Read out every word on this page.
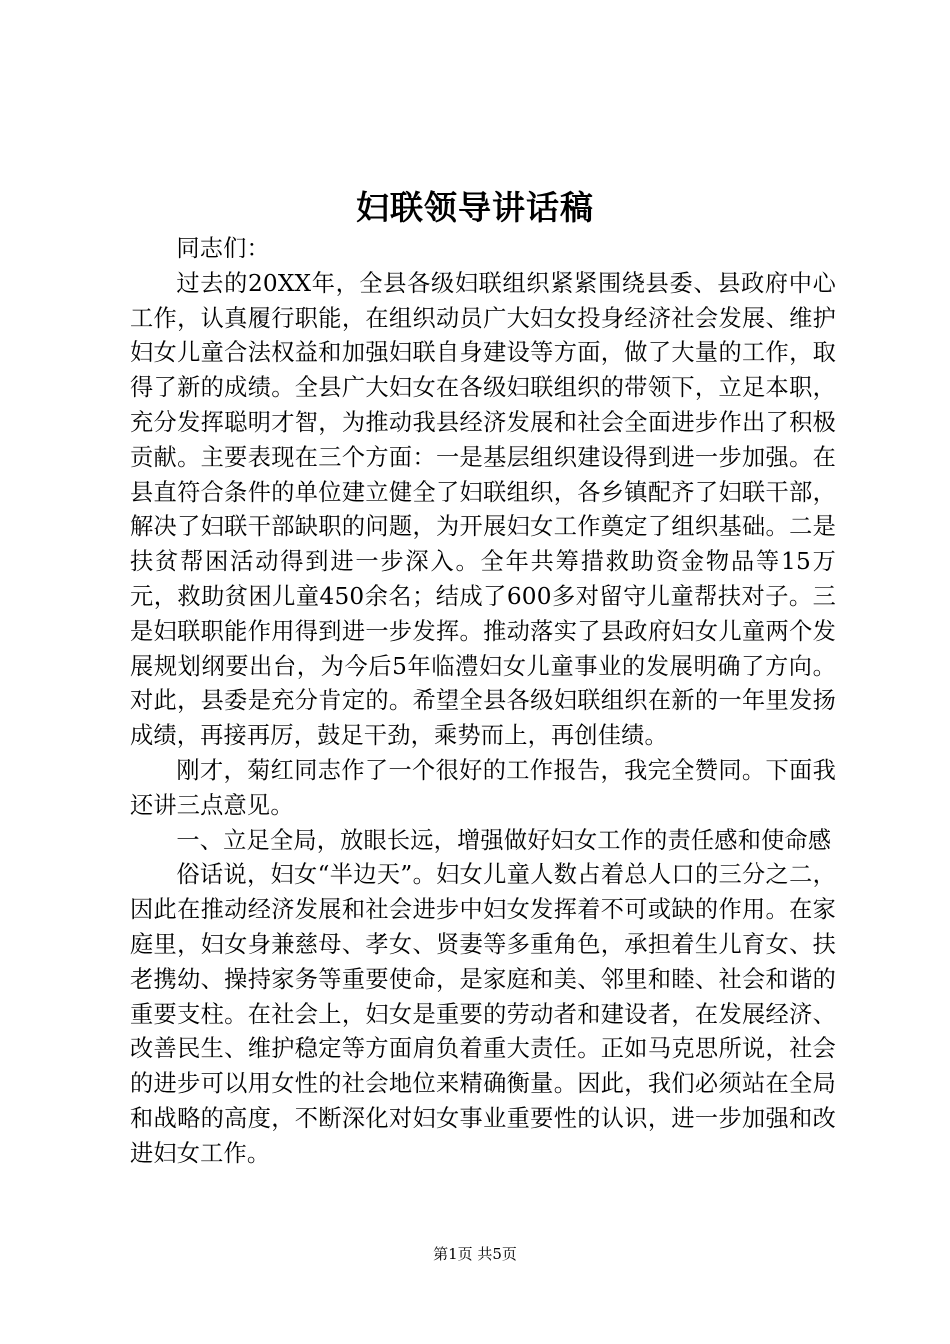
妇联领导讲话稿

同志们：

过去的20XX年，全县各级妇联组织紧紧围绕县委、县政府中心工作，认真履行职能，在组织动员广大妇女投身经济社会发展、维护妇女儿童合法权益和加强妇联自身建设等方面，做了大量的工作，取得了新的成绩。全县广大妇女在各级妇联组织的带领下，立足本职，充分发挥聪明才智，为推动我县经济发展和社会全面进步作出了积极贡献。主要表现在三个方面：一是基层组织建设得到进一步加强。在县直符合条件的单位建立健全了妇联组织，各乡镇配齐了妇联干部，解决了妇联干部缺职的问题，为开展妇女工作奠定了组织基础。二是扶贫帮困活动得到进一步深入。全年共筹措救助资金物品等15万元，救助贫困儿童450余名；结成了600多对留守儿童帮扶对子。三是妇联职能作用得到进一步发挥。推动落实了县政府妇女儿童两个发展规划纲要出台，为今后5年临澧妇女儿童事业的发展明确了方向。对此，县委是充分肯定的。希望全县各级妇联组织在新的一年里发扬成绩，再接再厉，鼓足干劲，乘势而上，再创佳绩。

刚才，菊红同志作了一个很好的工作报告，我完全赞同。下面我还讲三点意见。

一、立足全局，放眼长远，增强做好妇女工作的责任感和使命感

俗话说，妇女“半边天”。妇女儿童人数占着总人口的三分之二，因此在推动经济发展和社会进步中妇女发挥着不可或缺的作用。在家庭里，妇女身兼慈母、孝女、贤妻等多重角色，承担着生儿育女、扶老携幼、操持家务等重要使命，是家庭和美、邻里和睦、社会和谐的重要支柱。在社会上，妇女是重要的劳动者和建设者，在发展经济、改善民生、维护稳定等方面肩负着重大责任。正如马克思所说，社会的进步可以用女性的社会地位来精确衡量。因此，我们必须站在全局和战略的高度，不断深化对妇女事业重要性的认识，进一步加强和改进妇女工作。

第1页 共5页
